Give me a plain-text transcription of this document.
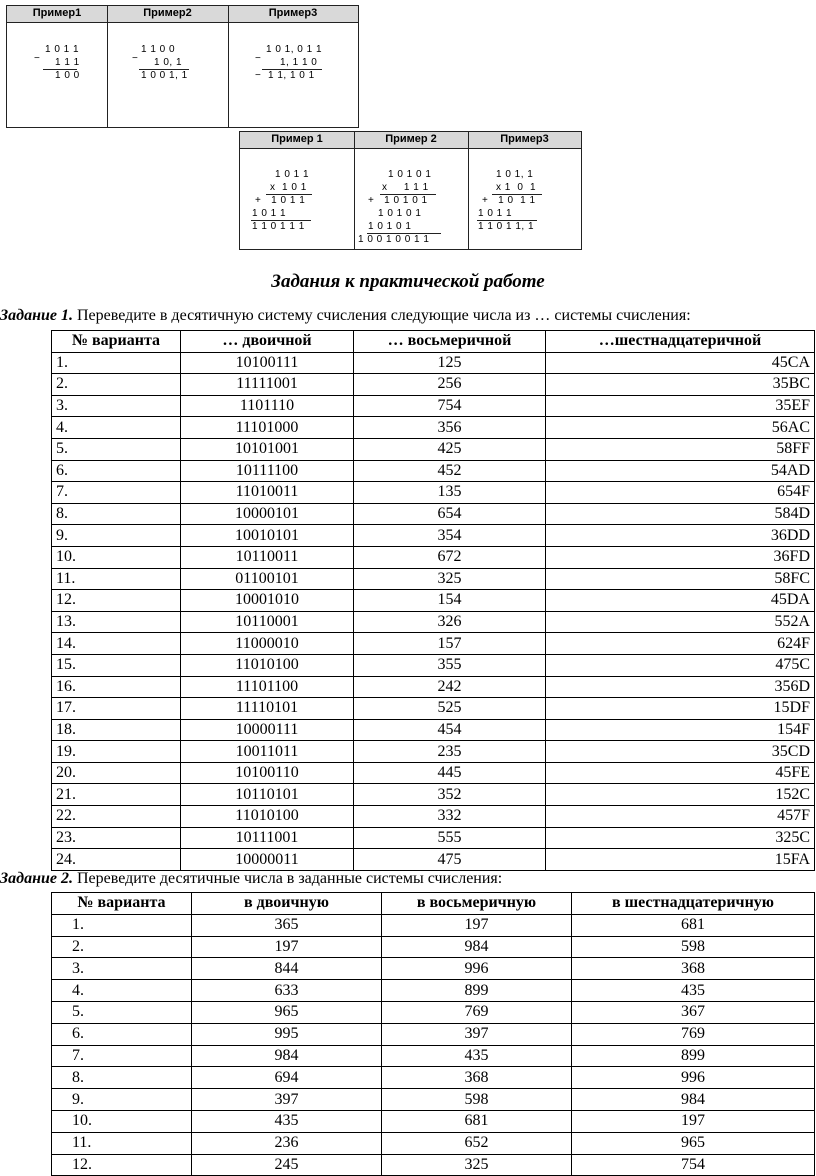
Пример1
1 0 1 1
− 1 1 1
1 0 0
Пример2
1 1 0 0
− 1 0, 1
1 0 0 1, 1
Пример3
1 0 1, 0 1 1
− 1, 1 1 0
− 1 1, 1 0 1
Пример 1
1 0 1 1
х  1 0 1
+   1 0 1 1
1 0 1 1
1 1 0 1 1 1
Пример 2
1 0 1 0 1
х     1 1 1
+   1 0 1 0 1
1 0 1 0 1
1 0 1 0 1
1 0 0 1 0 0 1 1
Пример3
1 0 1, 1
х 1  0  1
+   1 0  1 1
1 0 1 1
1 1 0 1 1, 1
Задания к практической работе
Задание 1. Переведите в десятичную систему счисления следующие числа из … системы счисления:
№ варианта	… двоичной	… восьмеричной	…шестнадцатеричной
1.	10100111	125	45CA
2.	11111001	256	35BC
3.	1101110	754	35EF
4.	11101000	356	56AC
5.	10101001	425	58FF
6.	10111100	452	54AD
7.	11010011	135	654F
8.	10000101	654	584D
9.	10010101	354	36DD
10.	10110011	672	36FD
11.	01100101	325	58FC
12.	10001010	154	45DA
13.	10110001	326	552A
14.	11000010	157	624F
15.	11010100	355	475C
16.	11101100	242	356D
17.	11110101	525	15DF
18.	10000111	454	154F
19.	10011011	235	35CD
20.	10100110	445	45FE
21.	10110101	352	152C
22.	11010100	332	457F
23.	10111001	555	325C
24.	10000011	475	15FA
Задание 2. Переведите десятичные числа в заданные системы счисления:
№ варианта	в двоичную	в восьмеричную	в шестнадцатеричную
1.	365	197	681
2.	197	984	598
3.	844	996	368
4.	633	899	435
5.	965	769	367
6.	995	397	769
7.	984	435	899
8.	694	368	996
9.	397	598	984
10.	435	681	197
11.	236	652	965
12.	245	325	754
